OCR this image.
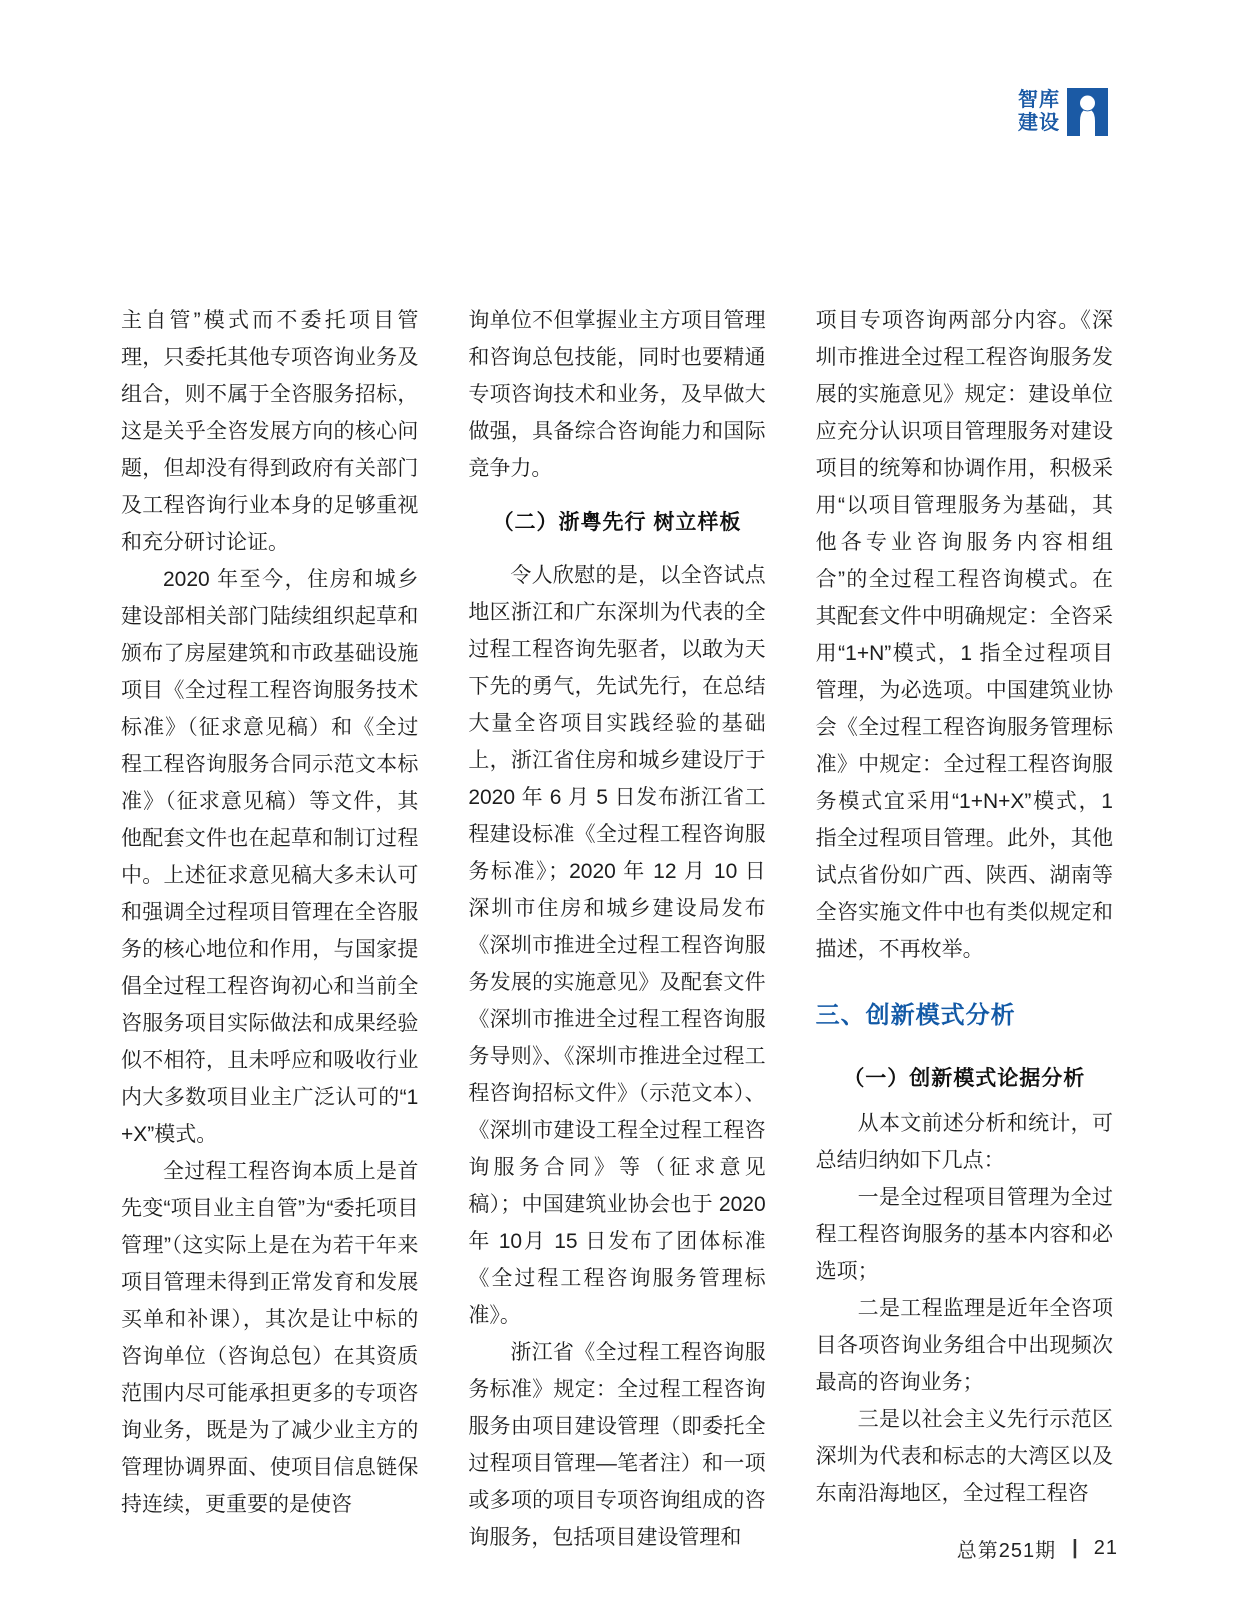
智库
建设

主自管”模式而不委托项目管理，只委托其他专项咨询业务及组合，则不属于全咨服务招标，这是关乎全咨发展方向的核心问题，但却没有得到政府有关部门及工程咨询行业本身的足够重视和充分研讨论证。

2020 年至今，住房和城乡建设部相关部门陆续组织起草和颁布了房屋建筑和市政基础设施项目《全过程工程咨询服务技术标准》（征求意见稿）和《全过程工程咨询服务合同示范文本标准》（征求意见稿）等文件，其他配套文件也在起草和制订过程中。上述征求意见稿大多未认可和强调全过程项目管理在全咨服务的核心地位和作用，与国家提倡全过程工程咨询初心和当前全咨服务项目实际做法和成果经验似不相符，且未呼应和吸收行业内大多数项目业主广泛认可的“1+X”模式。

全过程工程咨询本质上是首先变“项目业主自管”为“委托项目管理”（这实际上是在为若干年来项目管理未得到正常发育和发展买单和补课），其次是让中标的咨询单位（咨询总包）在其资质范围内尽可能承担更多的专项咨询业务，既是为了减少业主方的管理协调界面、使项目信息链保持连续，更重要的是使咨

询单位不但掌握业主方项目管理和咨询总包技能，同时也要精通专项咨询技术和业务，及早做大做强，具备综合咨询能力和国际竞争力。

（二）浙粤先行 树立样板

令人欣慰的是，以全咨试点地区浙江和广东深圳为代表的全过程工程咨询先驱者，以敢为天下先的勇气，先试先行，在总结大量全咨项目实践经验的基础上，浙江省住房和城乡建设厅于2020 年 6 月 5 日发布浙江省工程建设标准《全过程工程咨询服务标准》；2020 年 12 月 10 日深圳市住房和城乡建设局发布《深圳市推进全过程工程咨询服务发展的实施意见》及配套文件《深圳市推进全过程工程咨询服务导则》、《深圳市推进全过程工程咨询招标文件》（示范文本）、《深圳市建设工程全过程工程咨询服务合同》等（征求意见稿）；中国建筑业协会也于 2020 年 10月 15 日发布了团体标准《全过程工程咨询服务管理标准》。

浙江省《全过程工程咨询服务标准》规定：全过程工程咨询服务由项目建设管理（即委托全过程项目管理—笔者注）和一项或多项的项目专项咨询组成的咨询服务，包括项目建设管理和

项目专项咨询两部分内容。《深圳市推进全过程工程咨询服务发展的实施意见》规定：建设单位应充分认识项目管理服务对建设项目的统筹和协调作用，积极采用“以项目管理服务为基础，其他各专业咨询服务内容相组合”的全过程工程咨询模式。在其配套文件中明确规定：全咨采用“1+N”模式，1 指全过程项目管理，为必选项。中国建筑业协会《全过程工程咨询服务管理标准》中规定：全过程工程咨询服务模式宜采用“1+N+X”模式，1 指全过程项目管理。此外，其他试点省份如广西、陕西、湖南等全咨实施文件中也有类似规定和描述，不再枚举。

三、创新模式分析
（一）创新模式论据分析

从本文前述分析和统计，可总结归纳如下几点：

一是全过程项目管理为全过程工程咨询服务的基本内容和必选项；

二是工程监理是近年全咨项目各项咨询业务组合中出现频次最高的咨询业务；

三是以社会主义先行示范区深圳为代表和标志的大湾区以及东南沿海地区，全过程工程咨

总第251期 | 21
